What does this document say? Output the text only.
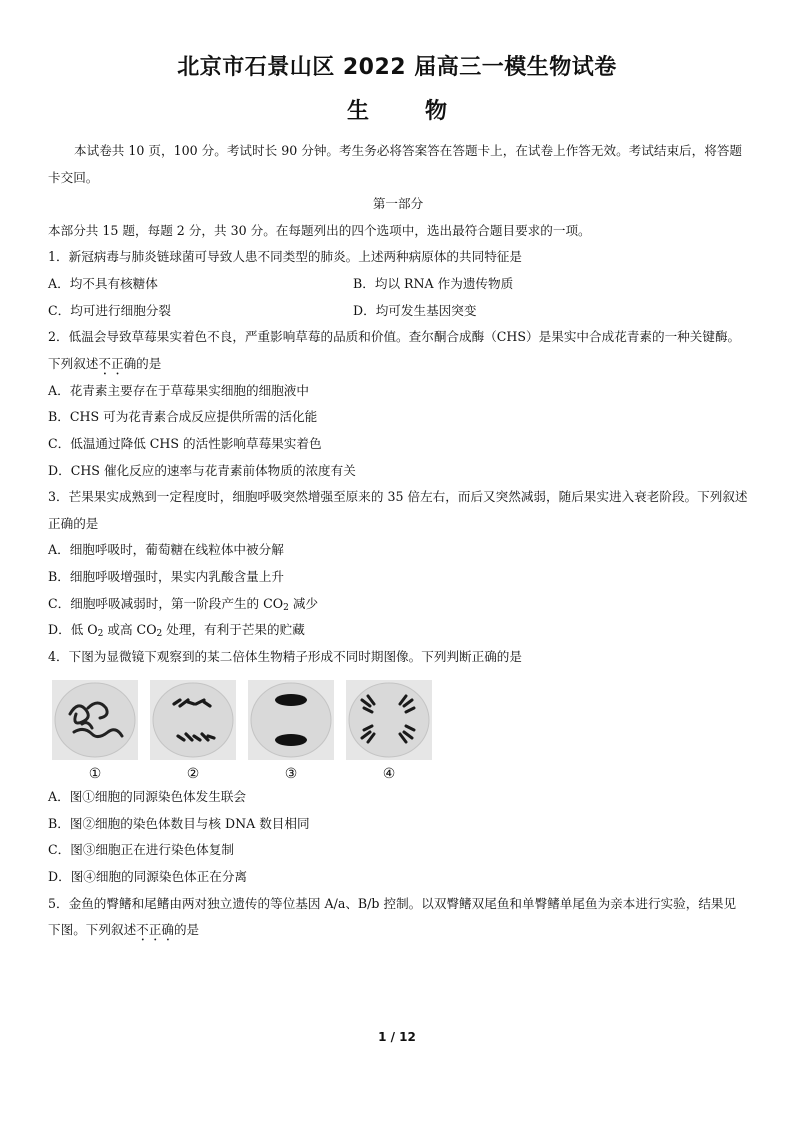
北京市石景山区 2022 届高三一模生物试卷
生	物

本试卷共 10 页，100 分。考试时长 90 分钟。考生务必将答案答在答题卡上，在试卷上作答无效。考试结束后，将答题卡交回。

第一部分

本部分共 15 题，每题 2 分，共 30 分。在每题列出的四个选项中，选出最符合题目要求的一项。

1．新冠病毒与肺炎链球菌可导致人患不同类型的肺炎。上述两种病原体的共同特征是

A．均不具有核糖体	B．均以 RNA 作为遗传物质
C．均可进行细胞分裂	D．均可发生基因突变

2．低温会导致草莓果实着色不良，严重影响草莓的品质和价值。查尔酮合成酶（CHS）是果实中合成花青素的一种关键酶。下列叙述不正确的是

A．花青素主要存在于草莓果实细胞的细胞液中

B．CHS 可为花青素合成反应提供所需的活化能

C．低温通过降低 CHS 的活性影响草莓果实着色

D．CHS 催化反应的速率与花青素前体物质的浓度有关

3．芒果果实成熟到一定程度时，细胞呼吸突然增强至原来的 35 倍左右，而后又突然减弱，随后果实进入衰老阶段。下列叙述正确的是

A．细胞呼吸时，葡萄糖在线粒体中被分解

B．细胞呼吸增强时，果实内乳酸含量上升

C．细胞呼吸减弱时，第一阶段产生的 $CO_2$ 减少

D．低 $O_2$ 或高 $CO_2$ 处理，有利于芒果的贮藏

4．下图为显微镜下观察到的某二倍体生物精子形成不同时期图像。下列判断正确的是

①	②	③	④

A．图①细胞的同源染色体发生联会

B．图②细胞的染色体数目与核 DNA 数目相同

C．图③细胞正在进行染色体复制

D．图④细胞的同源染色体正在分离

5．金鱼的臀鳍和尾鳍由两对独立遗传的等位基因 A/a、B/b 控制。以双臀鳍双尾鱼和单臀鳍单尾鱼为亲本进行实验，结果见下图。下列叙述不正确的是

1 / 12
